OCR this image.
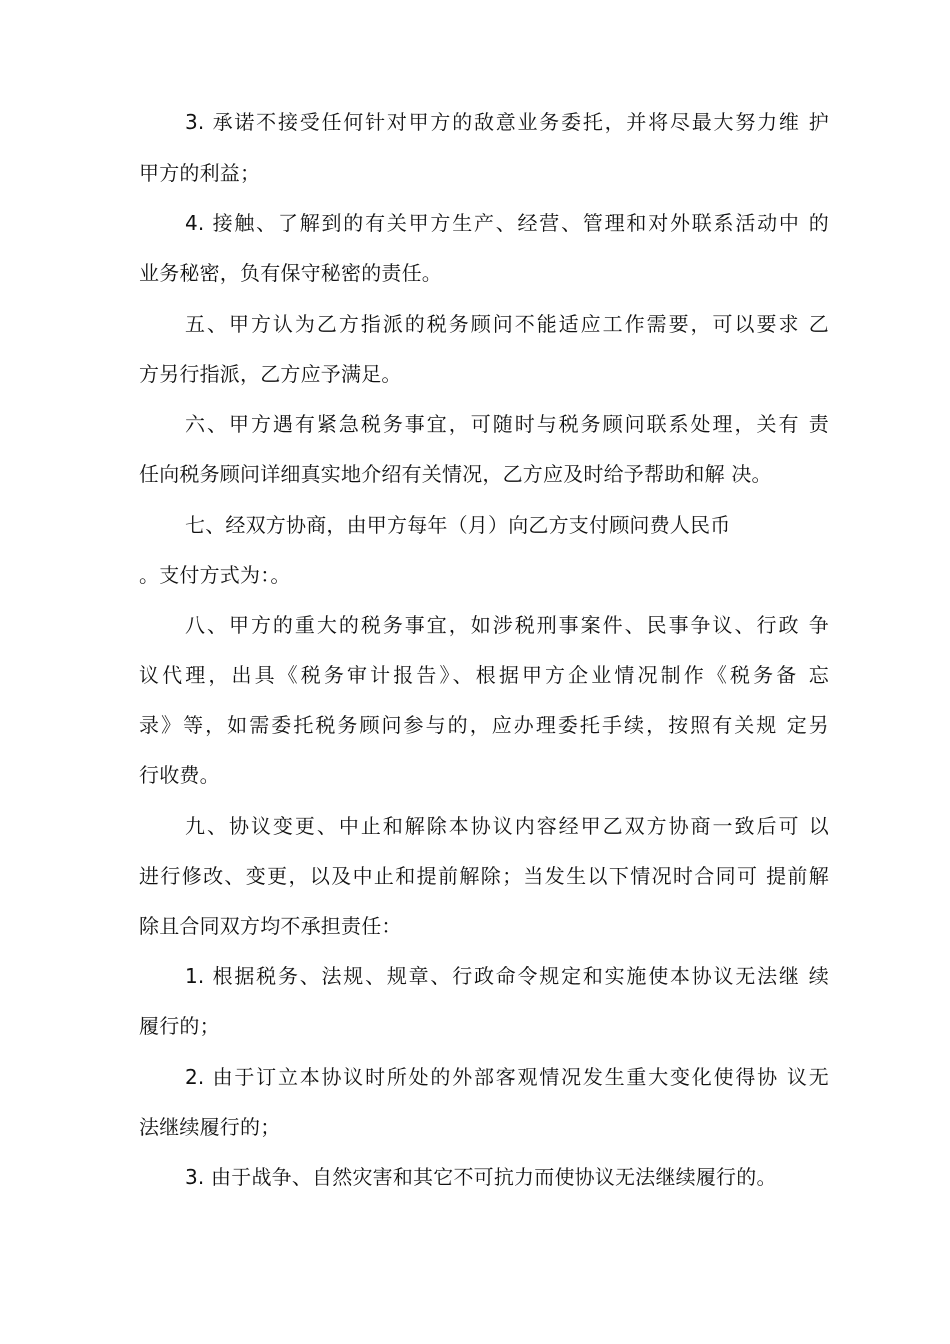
3. 承诺不接受任何针对甲方的敌意业务委托，并将尽最大努力维 护
甲方的利益；
4. 接触、了解到的有关甲方生产、经营、管理和对外联系活动中 的
业务秘密，负有保守秘密的责任。
五、甲方认为乙方指派的税务顾问不能适应工作需要，可以要求 乙
方另行指派，乙方应予满足。
六、甲方遇有紧急税务事宜，可随时与税务顾问联系处理，关有 责
任向税务顾问详细真实地介绍有关情况，乙方应及时给予帮助和解 决。
七、经双方协商，由甲方每年（月）向乙方支付顾问费人民币
。支付方式为：。
八、甲方的重大的税务事宜，如涉税刑事案件、民事争议、行政 争
议代理，出具《税务审计报告》、根据甲方企业情况制作《税务备 忘
录》等，如需委托税务顾问参与的，应办理委托手续，按照有关规 定另
行收费。
九、协议变更、中止和解除本协议内容经甲乙双方协商一致后可 以
进行修改、变更，以及中止和提前解除；当发生以下情况时合同可 提前解
除且合同双方均不承担责任：
1. 根据税务、法规、规章、行政命令规定和实施使本协议无法继 续
履行的；
2. 由于订立本协议时所处的外部客观情况发生重大变化使得协 议无
法继续履行的；
3. 由于战争、自然灾害和其它不可抗力而使协议无法继续履行的。
